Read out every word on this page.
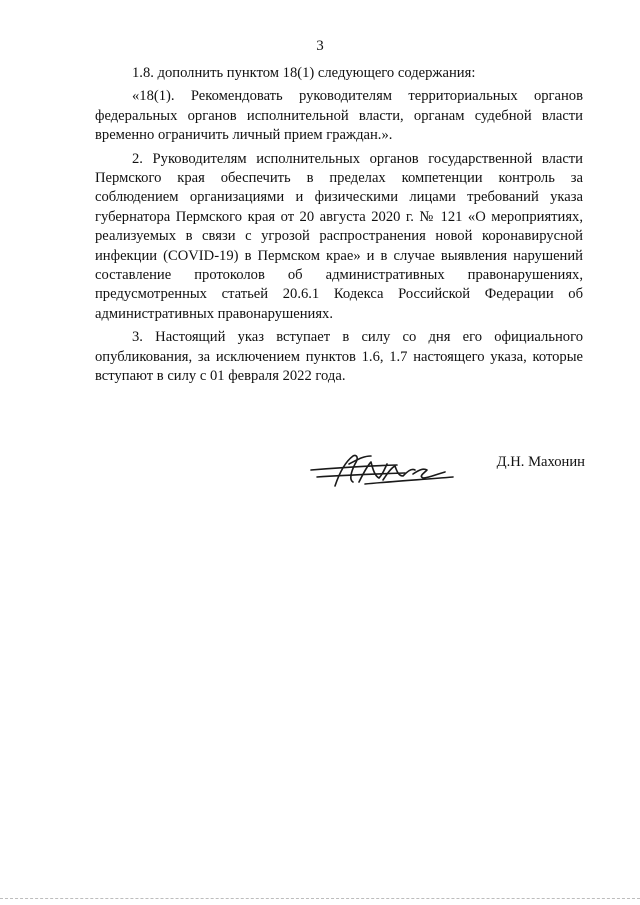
3

1.8. дополнить пунктом 18(1) следующего содержания:

«18(1). Рекомендовать руководителям территориальных органов федеральных органов исполнительной власти, органам судебной власти временно ограничить личный прием граждан.».

2. Руководителям исполнительных органов государственной власти Пермского края обеспечить в пределах компетенции контроль за соблюдением организациями и физическими лицами требований указа губернатора Пермского края от 20 августа 2020 г. № 121 «О мероприятиях, реализуемых в связи с угрозой распространения новой коронавирусной инфекции (COVID-19) в Пермском крае» и в случае выявления нарушений составление протоколов об административных правонарушениях, предусмотренных статьей 20.6.1 Кодекса Российской Федерации об административных правонарушениях.

3. Настоящий указ вступает в силу со дня его официального опубликования, за исключением пунктов 1.6, 1.7 настоящего указа, которые вступают в силу с 01 февраля 2022 года.

Д.Н. Махонин
